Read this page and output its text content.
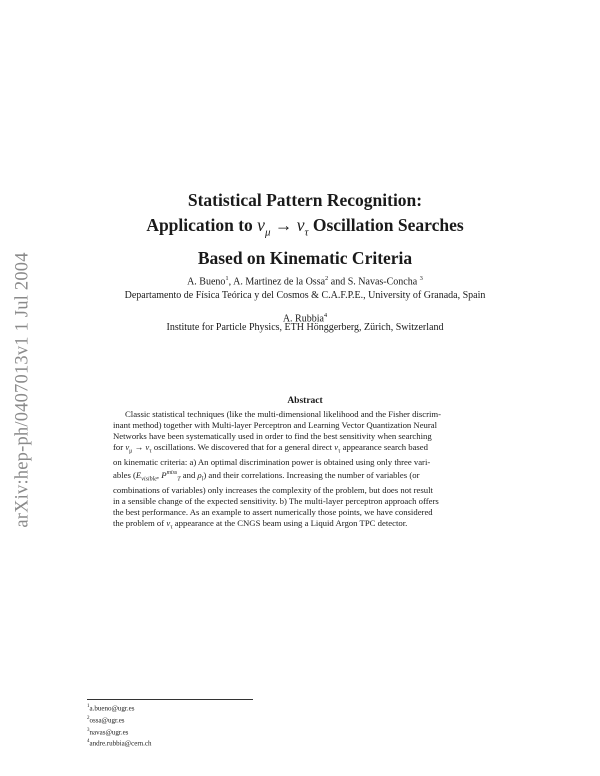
arXiv:hep-ph/0407013v1 1 Jul 2004
Statistical Pattern Recognition:
Application to $\nu_\mu \to \nu_\tau$ Oscillation Searches
Based on Kinematic Criteria
A. Bueno$^1$, A. Martinez de la Ossa$^2$ and S. Navas-Concha $^3$
Departamento de Física Teórica y del Cosmos & C.A.F.P.E., University of Granada, Spain
A. Rubbia$^4$
Institute for Particle Physics, ETH Hönggerberg, Zürich, Switzerland
Abstract
Classic statistical techniques (like the multi-dimensional likelihood and the Fisher discrim-
inant method) together with Multi-layer Perceptron and Learning Vector Quantization Neural
Networks have been systematically used in order to find the best sensitivity when searching
for $\nu_\mu \to \nu_\tau$ oscillations. We discovered that for a general direct $\nu_\tau$ appearance search based
on kinematic criteria: a) An optimal discrimination power is obtained using only three vari-
ables ($E_{visible}$, $P^{miss}_T$ and $\rho_l$) and their correlations. Increasing the number of variables (or
combinations of variables) only increases the complexity of the problem, but does not result
in a sensible change of the expected sensitivity. b) The multi-layer perceptron approach offers
the best performance. As an example to assert numerically those points, we have considered
the problem of $\nu_\tau$ appearance at the CNGS beam using a Liquid Argon TPC detector.
$^1$a.bueno@ugr.es
$^2$ossa@ugr.es
$^3$navas@ugr.es
$^4$andre.rubbia@cern.ch
